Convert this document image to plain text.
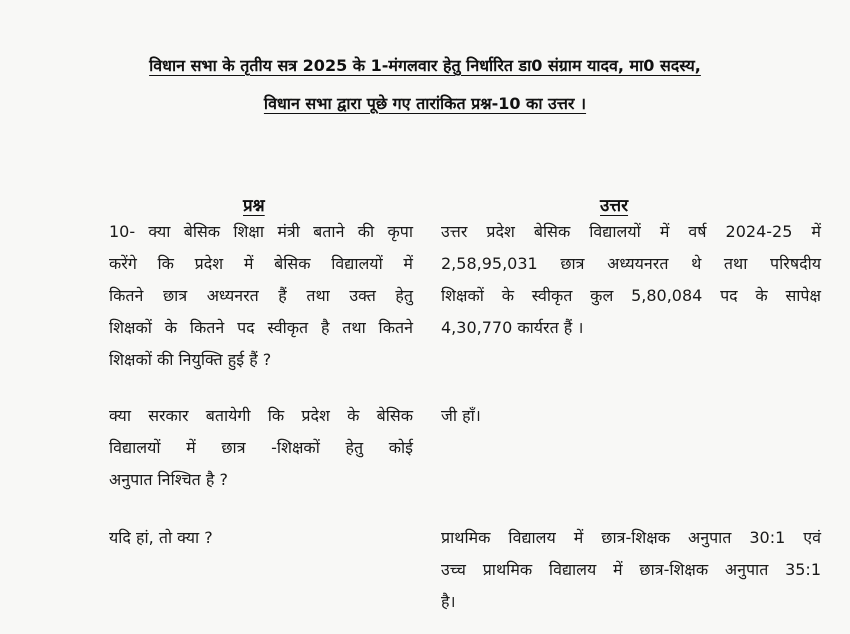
विधान सभा के तृतीय सत्र 2025 के 1-मंगलवार हेतु निर्धारित डा0 संग्राम यादव, मा0 सदस्य,
विधान सभा द्वारा पूछे गए तारांकित प्रश्न-10 का उत्तर ।
प्रश्न	उत्तर
10- क्या बेसिक शिक्षा मंत्री बताने की कृपा
करेंगे कि प्रदेश में बेसिक विद्यालयों में
कितने छात्र अध्यनरत हैं तथा उक्त हेतु
शिक्षकों के कितने पद स्वीकृत है तथा कितने
शिक्षकों की नियुक्ति हुई हैं ?
उत्तर प्रदेश बेसिक विद्यालयों में वर्ष 2024-25 में
2,58,95,031 छात्र अध्ययनरत थे तथा परिषदीय
शिक्षकों के स्वीकृत कुल 5,80,084 पद के सापेक्ष
4,30,770 कार्यरत हैं ।
क्या सरकार बतायेगी कि प्रदेश के बेसिक
विद्यालयों में छात्र -शिक्षकों हेतु कोई
अनुपात निश्चित है ?
जी हाँ।
यदि हां, तो क्या ?	प्राथमिक विद्यालय में छात्र-शिक्षक अनुपात 30:1 एवं
उच्च प्राथमिक विद्यालय में छात्र-शिक्षक अनुपात 35:1
है।
